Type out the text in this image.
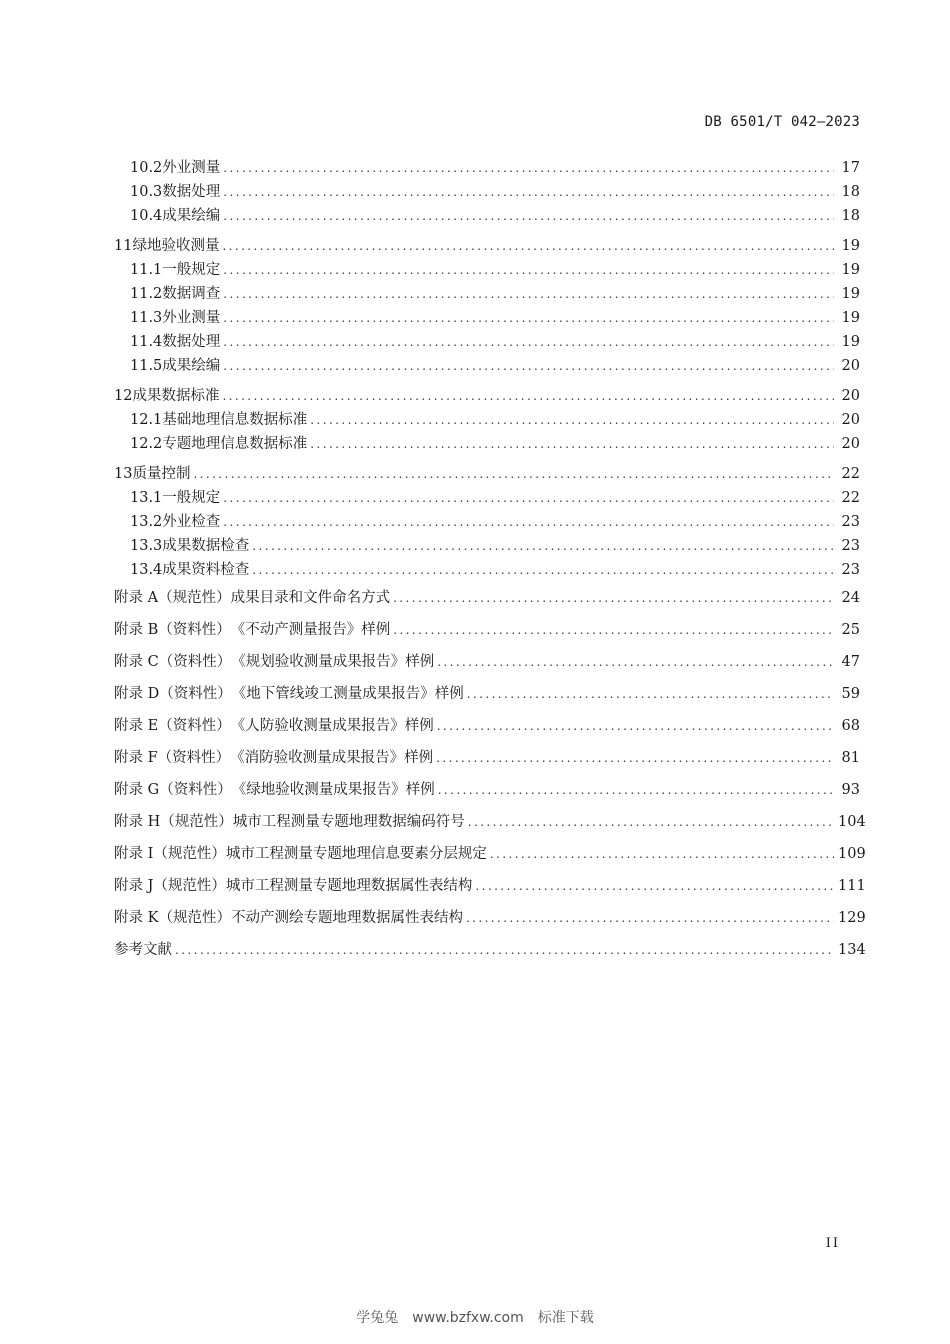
DB 6501/T 042—2023
10.2 外业测量 .....	17
10.3 数据处理 .....	18
10.4 成果绘编 .....	18
11 绿地验收测量 .....	19
11.1 一般规定 .....	19
11.2 数据调查 .....	19
11.3 外业测量 .....	19
11.4 数据处理 .....	19
11.5 成果绘编 .....	20
12 成果数据标准 .....	20
12.1 基础地理信息数据标准 .....	20
12.2 专题地理信息数据标准 .....	20
13 质量控制 .....	22
13.1 一般规定 .....	22
13.2 外业检查 .....	23
13.3 成果数据检查 .....	23
13.4 成果资料检查 .....	23
附录 A（规范性） 成果目录和文件命名方式 .....	24
附录 B（资料性） 《不动产测量报告》样例 .....	25
附录 C（资料性） 《规划验收测量成果报告》样例 .....	47
附录 D（资料性） 《地下管线竣工测量成果报告》样例 .....	59
附录 E（资料性） 《人防验收测量成果报告》样例 .....	68
附录 F（资料性） 《消防验收测量成果报告》样例 .....	81
附录 G（资料性） 《绿地验收测量成果报告》样例 .....	93
附录 H（规范性） 城市工程测量专题地理数据编码符号 .....	104
附录 I（规范性） 城市工程测量专题地理信息要素分层规定 .....	109
附录 J（规范性） 城市工程测量专题地理数据属性表结构 .....	111
附录 K（规范性） 不动产测绘专题地理数据属性表结构 .....	129
参考文献 .....	134
II
学兔兔　www.bzfxw.com　标准下载
